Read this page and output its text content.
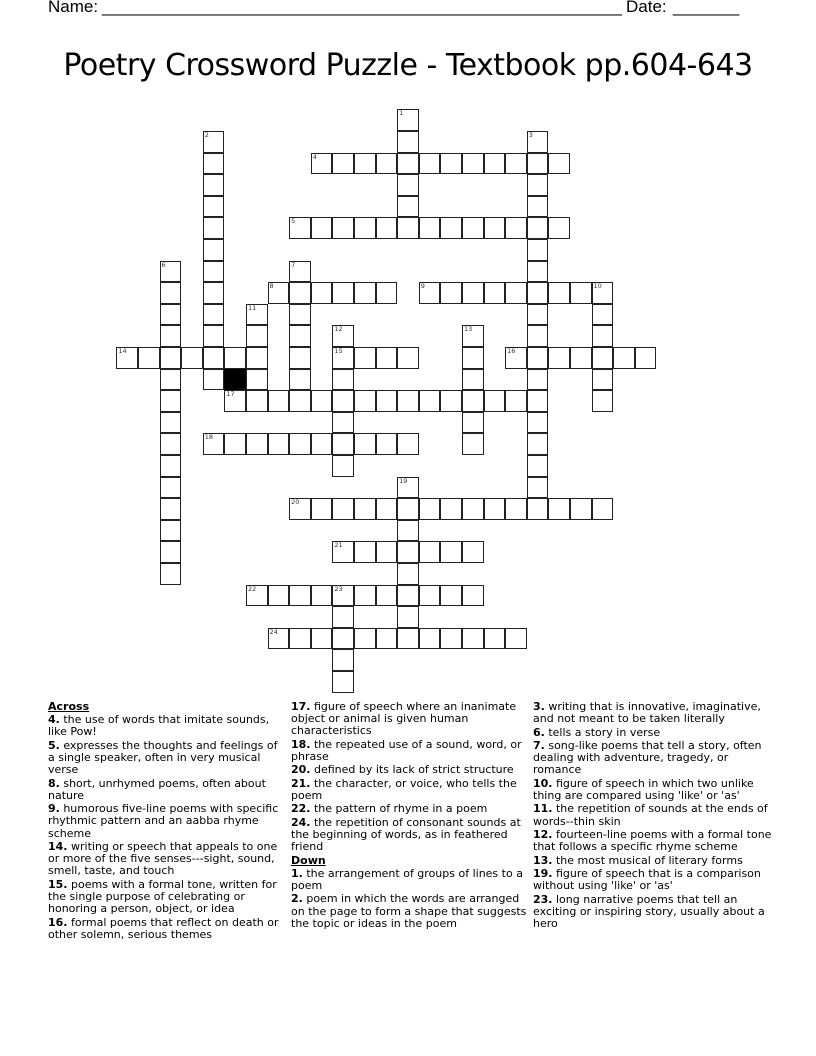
Name: _______________________________________________________ Date: _______
Poetry Crossword Puzzle - Textbook pp.604-643
1
2	3
4
5
6	7
8	9	10
11
12
15
13
14	16
17
18
19
20
21
22	23
24
Across
4. the use of words that imitate sounds, like Pow!
5. expresses the thoughts and feelings of a single speaker, often in very musical verse
8. short, unrhymed poems, often about nature
9. humorous five-line poems with specific rhythmic pattern and an aabba rhyme scheme
14. writing or speech that appeals to one or more of the five senses---sight, sound, smell, taste, and touch
15. poems with a formal tone, written for the single purpose of celebrating or honoring a person, object, or idea
16. formal poems that reflect on death or other solemn, serious themes
17. figure of speech where an inanimate object or animal is given human characteristics
18. the repeated use of a sound, word, or phrase
20. defined by its lack of strict structure
21. the character, or voice, who tells the poem
22. the pattern of rhyme in a poem
24. the repetition of consonant sounds at the beginning of words, as in feathered friend
Down
1. the arrangement of groups of lines to a poem
2. poem in which the words are arranged on the page to form a shape that suggests the topic or ideas in the poem
3. writing that is innovative, imaginative, and not meant to be taken literally
6. tells a story in verse
7. song-like poems that tell a story, often dealing with adventure, tragedy, or romance
10. figure of speech in which two unlike thing are compared using 'like' or 'as'
11. the repetition of sounds at the ends of words--thin skin
12. fourteen-line poems with a formal tone that follows a specific rhyme scheme
13. the most musical of literary forms
19. figure of speech that is a comparison without using 'like' or 'as'
23. long narrative poems that tell an exciting or inspiring story, usually about a hero
